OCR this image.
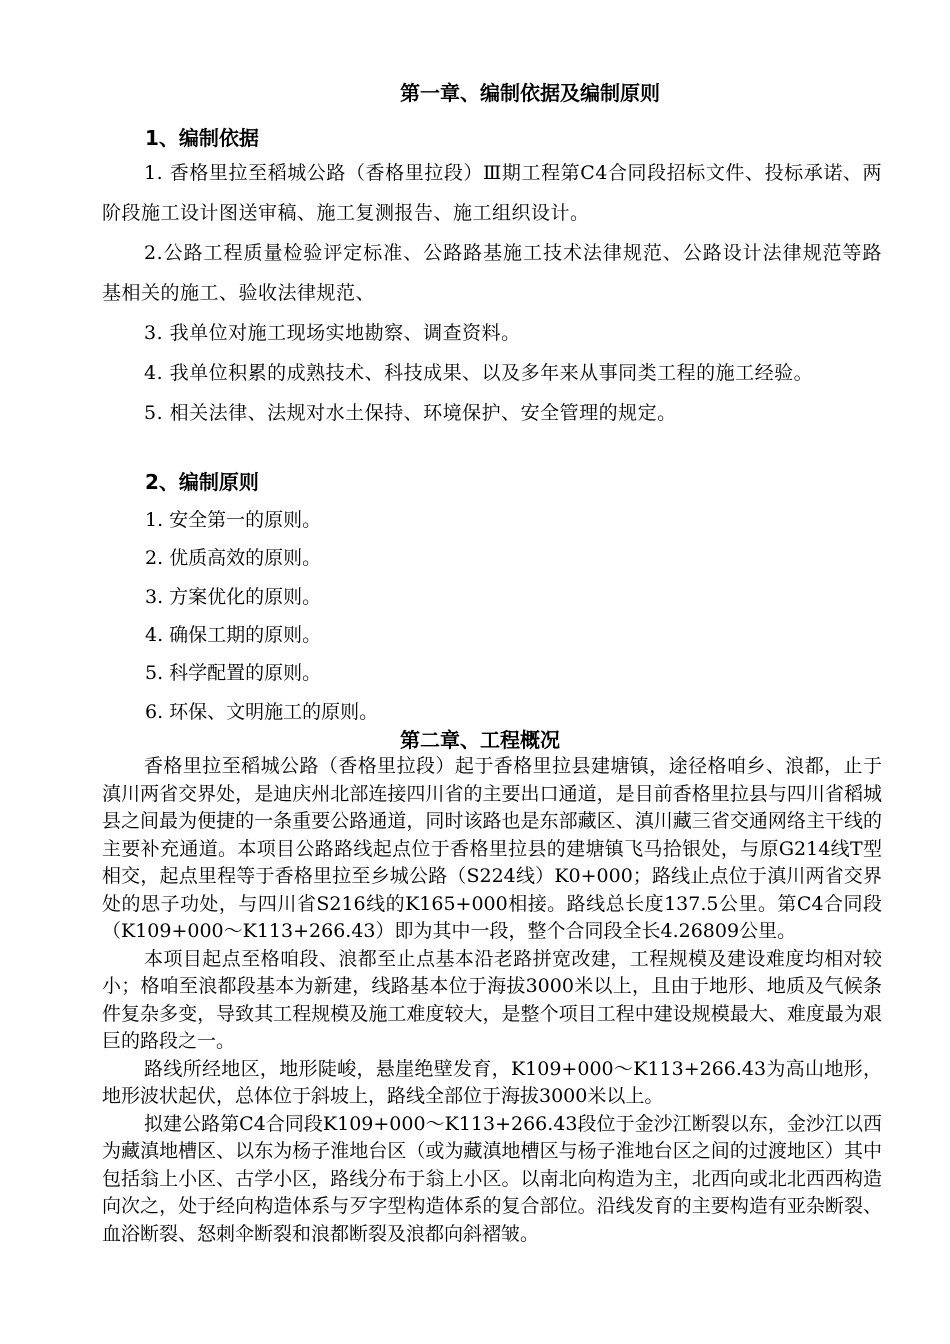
第一章、编制依据及编制原则
1、编制依据

1. 香格里拉至稻城公路（香格里拉段）Ⅲ期工程第C4合同段招标文件、投标承诺、两阶段施工设计图送审稿、施工复测报告、施工组织设计。

2.公路工程质量检验评定标准、公路路基施工技术法律规范、公路设计法律规范等路基相关的施工、验收法律规范、

3. 我单位对施工现场实地勘察、调查资料。

4. 我单位积累的成熟技术、科技成果、以及多年来从事同类工程的施工经验。

5. 相关法律、法规对水土保持、环境保护、安全管理的规定。

2、编制原则
1. 安全第一的原则。
2. 优质高效的原则。
3. 方案优化的原则。
4. 确保工期的原则。
5. 科学配置的原则。
6. 环保、文明施工的原则。
第二章、工程概况

香格里拉至稻城公路（香格里拉段）起于香格里拉县建塘镇，途径格咱乡、浪都，止于滇川两省交界处，是迪庆州北部连接四川省的主要出口通道，是目前香格里拉县与四川省稻城县之间最为便捷的一条重要公路通道，同时该路也是东部藏区、滇川藏三省交通网络主干线的主要补充通道。本项目公路路线起点位于香格里拉县的建塘镇飞马拾银处，与原G214线T型相交，起点里程等于香格里拉至乡城公路（S224线）K0+000；路线止点位于滇川两省交界处的思子功处，与四川省S216线的K165+000相接。路线总长度137.5公里。第C4合同段（K109+000～K113+266.43）即为其中一段，整个合同段全长4.26809公里。

本项目起点至格咱段、浪都至止点基本沿老路拼宽改建，工程规模及建设难度均相对较小；格咱至浪都段基本为新建，线路基本位于海拔3000米以上，且由于地形、地质及气候条件复杂多变，导致其工程规模及施工难度较大，是整个项目工程中建设规模最大、难度最为艰巨的路段之一。

路线所经地区，地形陡峻，悬崖绝壁发育，K109+000～K113+266.43为高山地形，地形波状起伏，总体位于斜坡上，路线全部位于海拔3000米以上。

拟建公路第C4合同段K109+000～K113+266.43段位于金沙江断裂以东，金沙江以西为藏滇地槽区、以东为杨子淮地台区（或为藏滇地槽区与杨子淮地台区之间的过渡地区）其中包括翁上小区、古学小区，路线分布于翁上小区。以南北向构造为主，北西向或北北西西构造向次之，处于经向构造体系与歹字型构造体系的复合部位。沿线发育的主要构造有亚杂断裂、血浴断裂、怒刺伞断裂和浪都断裂及浪都向斜褶皱。
